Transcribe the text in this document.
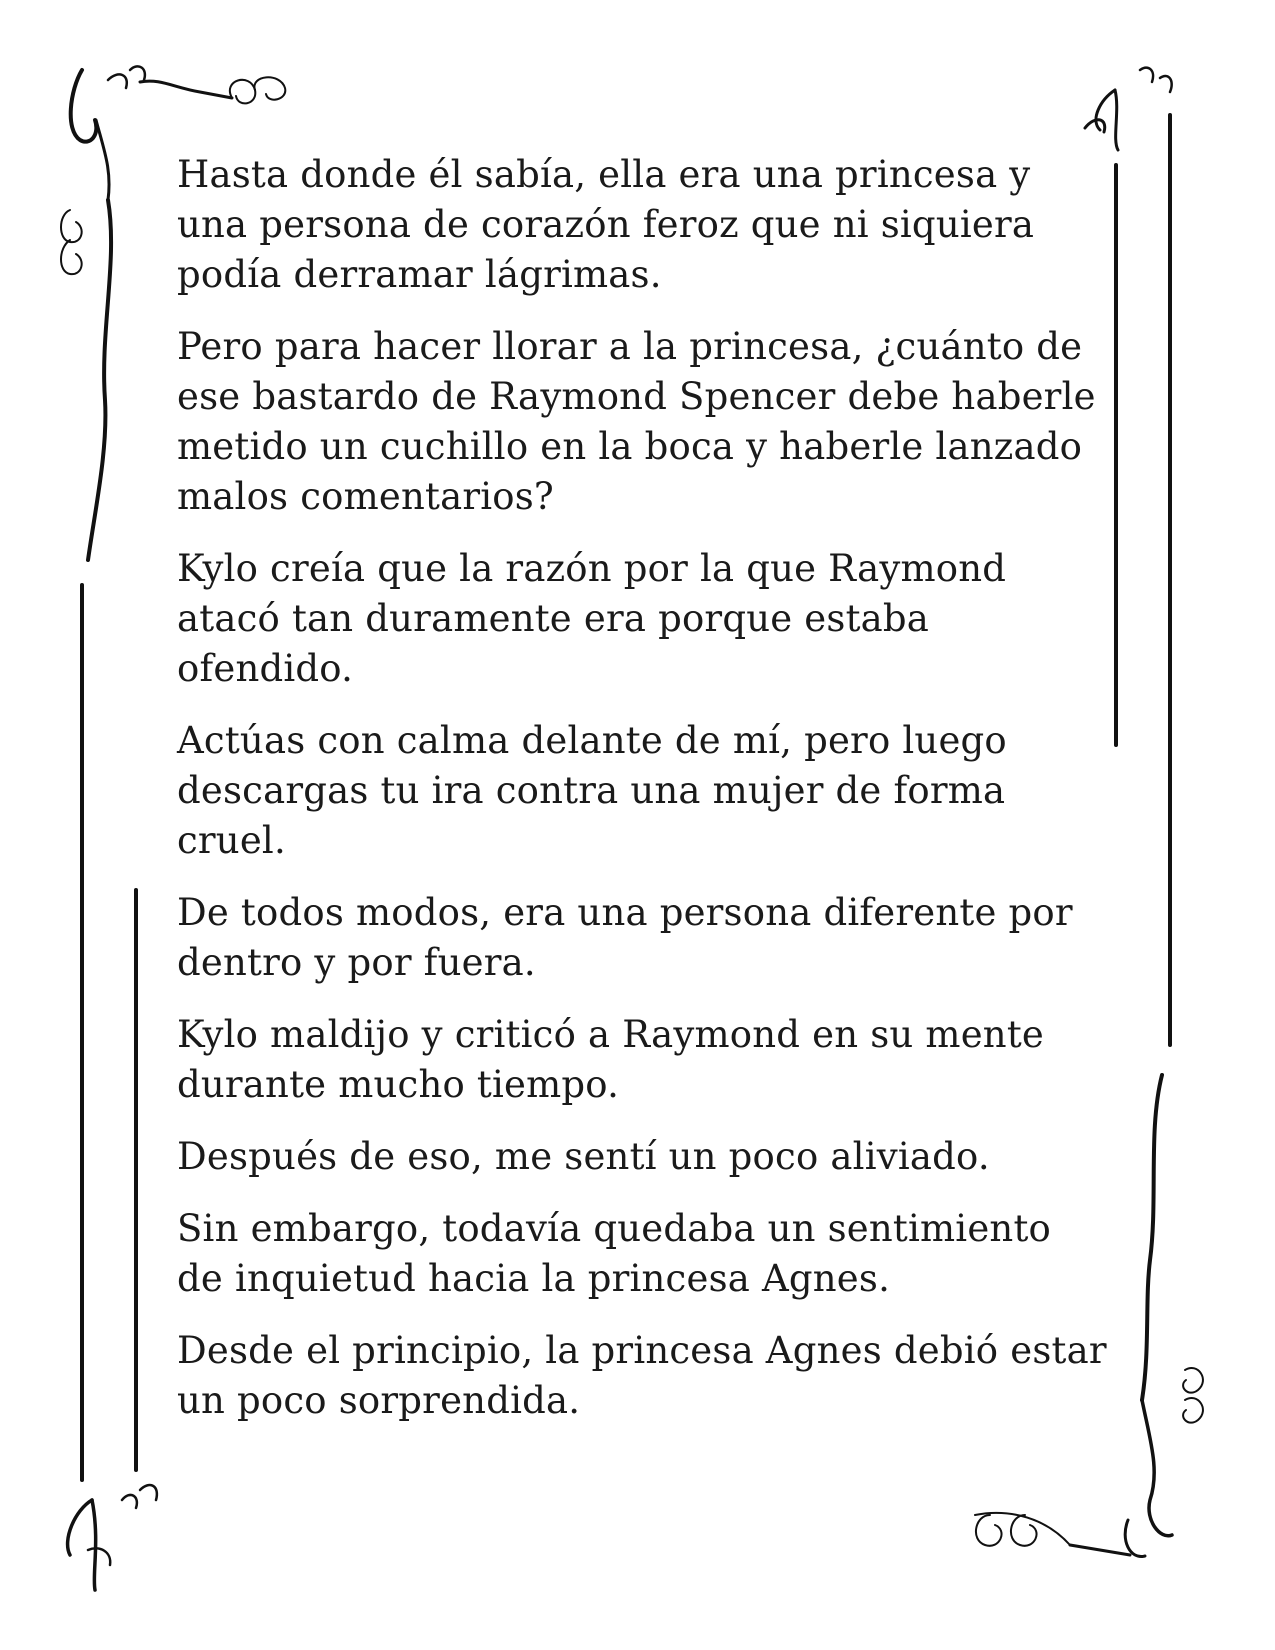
Hasta donde él sabía, ella era una princesa y una persona de corazón feroz que ni siquiera podía derramar lágrimas.

Pero para hacer llorar a la princesa, ¿cuánto de ese bastardo de Raymond Spencer debe haberle metido un cuchillo en la boca y haberle lanzado malos comentarios?

Kylo creía que la razón por la que Raymond atacó tan duramente era porque estaba ofendido.

Actúas con calma delante de mí, pero luego descargas tu ira contra una mujer de forma cruel.

De todos modos, era una persona diferente por dentro y por fuera.

Kylo maldijo y criticó a Raymond en su mente durante mucho tiempo.

Después de eso, me sentí un poco aliviado.

Sin embargo, todavía quedaba un sentimiento de inquietud hacia la princesa Agnes.

Desde el principio, la princesa Agnes debió estar un poco sorprendida.
